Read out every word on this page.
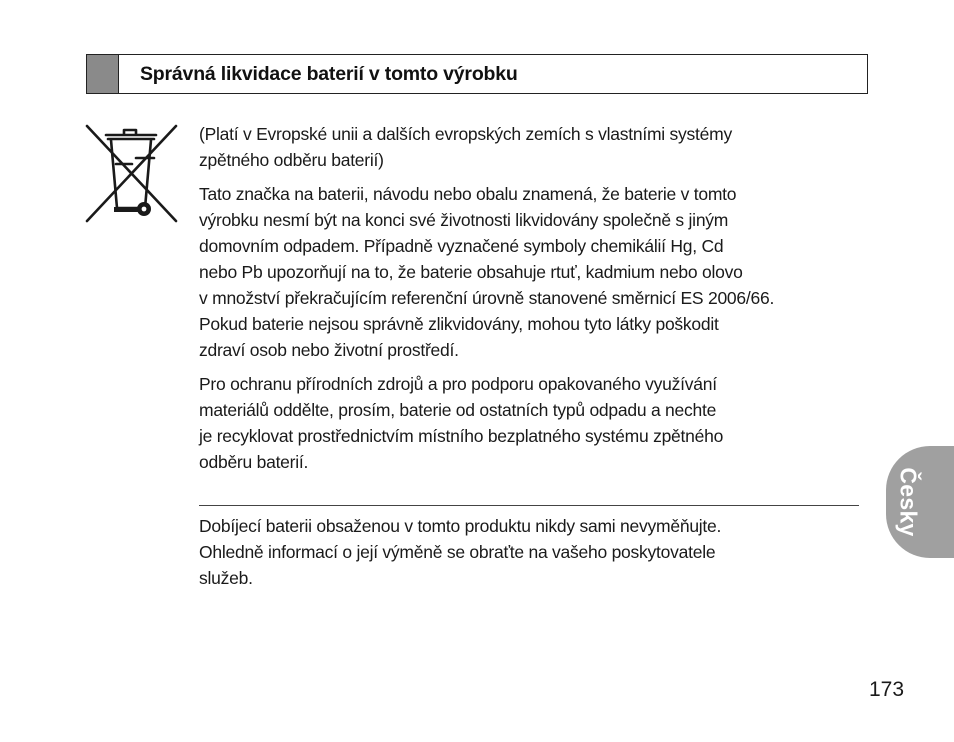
Správná likvidace baterií v tomto výrobku

(Platí v Evropské unii a dalších evropských zemích s vlastními systémy
zpětného odběru baterií)

Tato značka na baterii, návodu nebo obalu znamená, že baterie v tomto
výrobku nesmí být na konci své životnosti likvidovány společně s jiným
domovním odpadem. Případně vyznačené symboly chemikálií Hg, Cd
nebo Pb upozorňují na to, že baterie obsahuje rtuť, kadmium nebo olovo
v množství překračujícím referenční úrovně stanovené směrnicí ES 2006/66.
Pokud baterie nejsou správně zlikvidovány, mohou tyto látky poškodit
zdraví osob nebo životní prostředí.

Pro ochranu přírodních zdrojů a pro podporu opakovaného využívání
materiálů oddělte, prosím, baterie od ostatních typů odpadu a nechte
je recyklovat prostřednictvím místního bezplatného systému zpětného
odběru baterií.

Dobíjecí baterii obsaženou v tomto produktu nikdy sami nevyměňujte.
Ohledně informací o její výměně se obraťte na vašeho poskytovatele
služeb.
Česky
173
